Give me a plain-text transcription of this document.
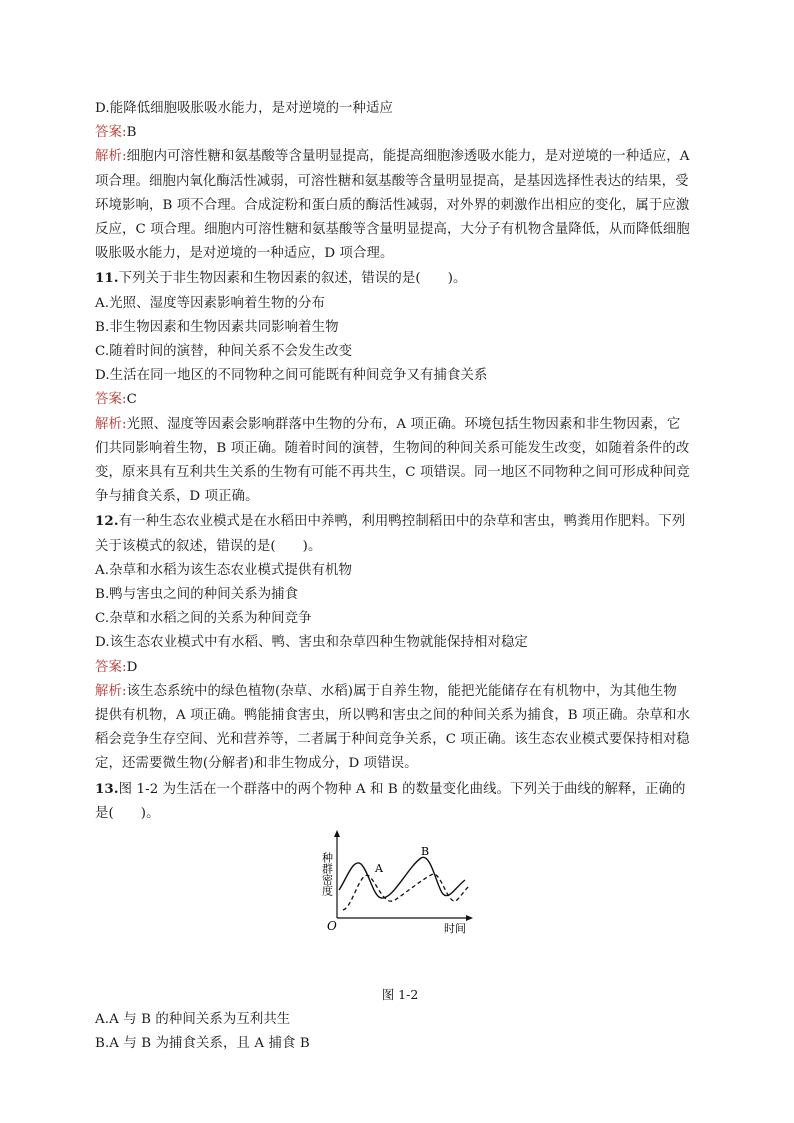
D.能降低细胞吸胀吸水能力，是对逆境的一种适应
答案:B
解析:细胞内可溶性糖和氨基酸等含量明显提高，能提高细胞渗透吸水能力，是对逆境的一种适应，A
项合理。细胞内氧化酶活性减弱，可溶性糖和氨基酸等含量明显提高，是基因选择性表达的结果，受
环境影响，B 项不合理。合成淀粉和蛋白质的酶活性减弱，对外界的刺激作出相应的变化，属于应激
反应，C 项合理。细胞内可溶性糖和氨基酸等含量明显提高，大分子有机物含量降低，从而降低细胞
吸胀吸水能力，是对逆境的一种适应，D 项合理。
11.下列关于非生物因素和生物因素的叙述，错误的是(　　)。
A.光照、湿度等因素影响着生物的分布
B.非生物因素和生物因素共同影响着生物
C.随着时间的演替，种间关系不会发生改变
D.生活在同一地区的不同物种之间可能既有种间竞争又有捕食关系
答案:C
解析:光照、湿度等因素会影响群落中生物的分布，A 项正确。环境包括生物因素和非生物因素，它
们共同影响着生物，B 项正确。随着时间的演替，生物间的种间关系可能发生改变，如随着条件的改
变，原来具有互利共生关系的生物有可能不再共生，C 项错误。同一地区不同物种之间可形成种间竞
争与捕食关系，D 项正确。
12.有一种生态农业模式是在水稻田中养鸭，利用鸭控制稻田中的杂草和害虫，鸭粪用作肥料。下列
关于该模式的叙述，错误的是(　　)。
A.杂草和水稻为该生态农业模式提供有机物
B.鸭与害虫之间的种间关系为捕食
C.杂草和水稻之间的关系为种间竞争
D.该生态农业模式中有水稻、鸭、害虫和杂草四种生物就能保持相对稳定
答案:D
解析:该生态系统中的绿色植物(杂草、水稻)属于自养生物，能把光能储存在有机物中，为其他生物
提供有机物，A 项正确。鸭能捕食害虫，所以鸭和害虫之间的种间关系为捕食，B 项正确。杂草和水
稻会竞争生存空间、光和营养等，二者属于种间竞争关系，C 项正确。该生态农业模式要保持相对稳
定，还需要微生物(分解者)和非生物成分，D 项错误。
13.图 1-2 为生活在一个群落中的两个物种 A 和 B 的数量变化曲线。下列关于曲线的解释，正确的
是(　　)。
种群密度
时间
O
A
B
图 1-2
A.A 与 B 的种间关系为互利共生
B.A 与 B 为捕食关系，且 A 捕食 B
